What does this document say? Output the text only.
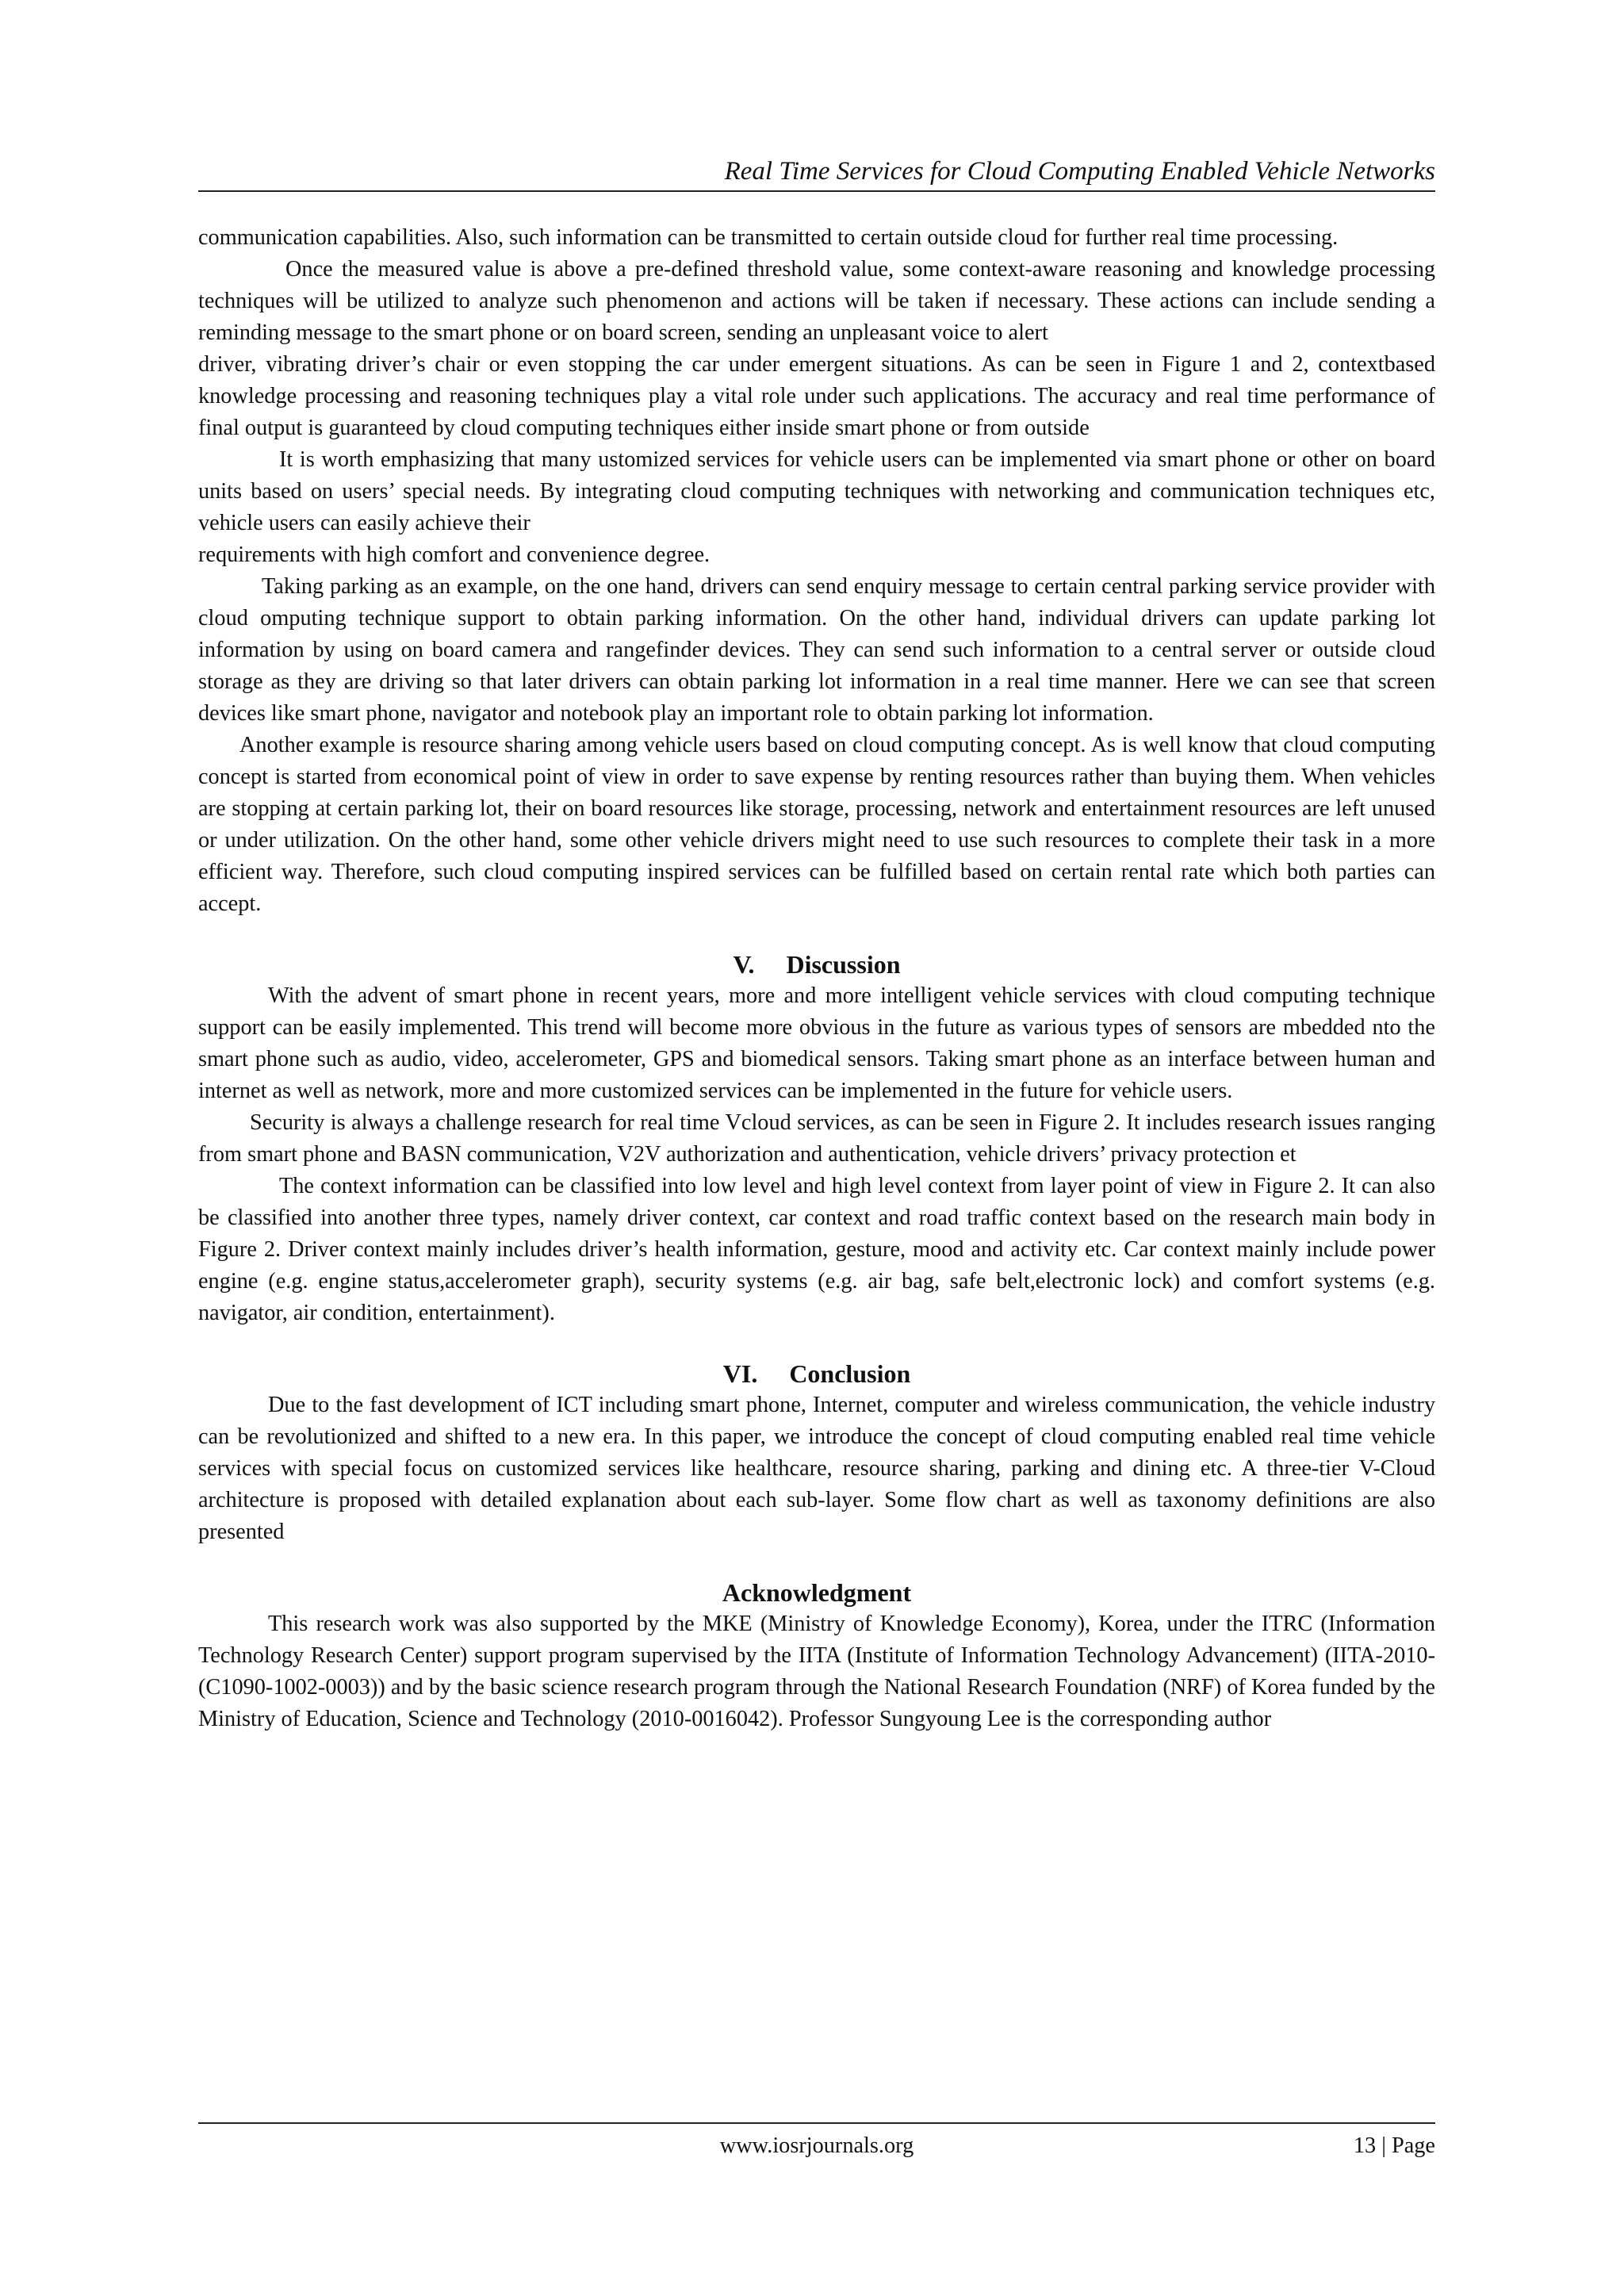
Real Time Services for Cloud Computing Enabled Vehicle Networks

communication capabilities. Also, such information can be transmitted to certain outside cloud for further real time processing.

Once the measured value is above a pre-defined threshold value, some context-aware reasoning and knowledge processing techniques will be utilized to analyze such phenomenon and actions will be taken if necessary. These actions can include sending a reminding message to the smart phone or on board screen, sending an unpleasant voice to alert

driver, vibrating driver’s chair or even stopping the car under emergent situations. As can be seen in Figure 1 and 2, contextbased knowledge processing and reasoning techniques play a vital role under such applications. The accuracy and real time performance of final output is guaranteed by cloud computing techniques either inside smart phone or from outside

It is worth emphasizing that many ustomized services for vehicle users can be implemented via smart phone or other on board units based on users’ special needs. By integrating cloud computing techniques with networking and communication techniques etc, vehicle users can easily achieve their

requirements with high comfort and convenience degree.

Taking parking as an example, on the one hand, drivers can send enquiry message to certain central parking service provider with cloud omputing technique support to obtain parking information. On the other hand, individual drivers can update parking lot information by using on board camera and rangefinder devices. They can send such information to a central server or outside cloud storage as they are driving so that later drivers can obtain parking lot information in a real time manner. Here we can see that screen devices like smart phone, navigator and notebook play an important role to obtain parking lot information.

Another example is resource sharing among vehicle users based on cloud computing concept. As is well know that cloud computing concept is started from economical point of view in order to save expense by renting resources rather than buying them. When vehicles are stopping at certain parking lot, their on board resources like storage, processing, network and entertainment resources are left unused or under utilization. On the other hand, some other vehicle drivers might need to use such resources to complete their task in a more efficient way. Therefore, such cloud computing inspired services can be fulfilled based on certain rental rate which both parties can accept.

V. Discussion

With the advent of smart phone in recent years, more and more intelligent vehicle services with cloud computing technique support can be easily implemented. This trend will become more obvious in the future as various types of sensors are mbedded nto the smart phone such as audio, video, accelerometer, GPS and biomedical sensors. Taking smart phone as an interface between human and internet as well as network, more and more customized services can be implemented in the future for vehicle users.

Security is always a challenge research for real time Vcloud services, as can be seen in Figure 2. It includes research issues ranging from smart phone and BASN communication, V2V authorization and authentication, vehicle drivers’ privacy protection et

The context information can be classified into low level and high level context from layer point of view in Figure 2. It can also be classified into another three types, namely driver context, car context and road traffic context based on the research main body in Figure 2. Driver context mainly includes driver’s health information, gesture, mood and activity etc. Car context mainly include power engine (e.g. engine status,accelerometer graph), security systems (e.g. air bag, safe belt,electronic lock) and comfort systems (e.g. navigator, air condition, entertainment).

VI. Conclusion

Due to the fast development of ICT including smart phone, Internet, computer and wireless communication, the vehicle industry can be revolutionized and shifted to a new era. In this paper, we introduce the concept of cloud computing enabled real time vehicle services with special focus on customized services like healthcare, resource sharing, parking and dining etc. A three-tier V-Cloud architecture is proposed with detailed explanation about each sub-layer. Some flow chart as well as taxonomy definitions are also presented

Acknowledgment

This research work was also supported by the MKE (Ministry of Knowledge Economy), Korea, under the ITRC (Information Technology Research Center) support program supervised by the IITA (Institute of Information Technology Advancement) (IITA-2010-(C1090-1002-0003)) and by the basic science research program through the National Research Foundation (NRF) of Korea funded by the Ministry of Education, Science and Technology (2010-0016042). Professor Sungyoung Lee is the corresponding author

www.iosrjournals.org	13 | Page
